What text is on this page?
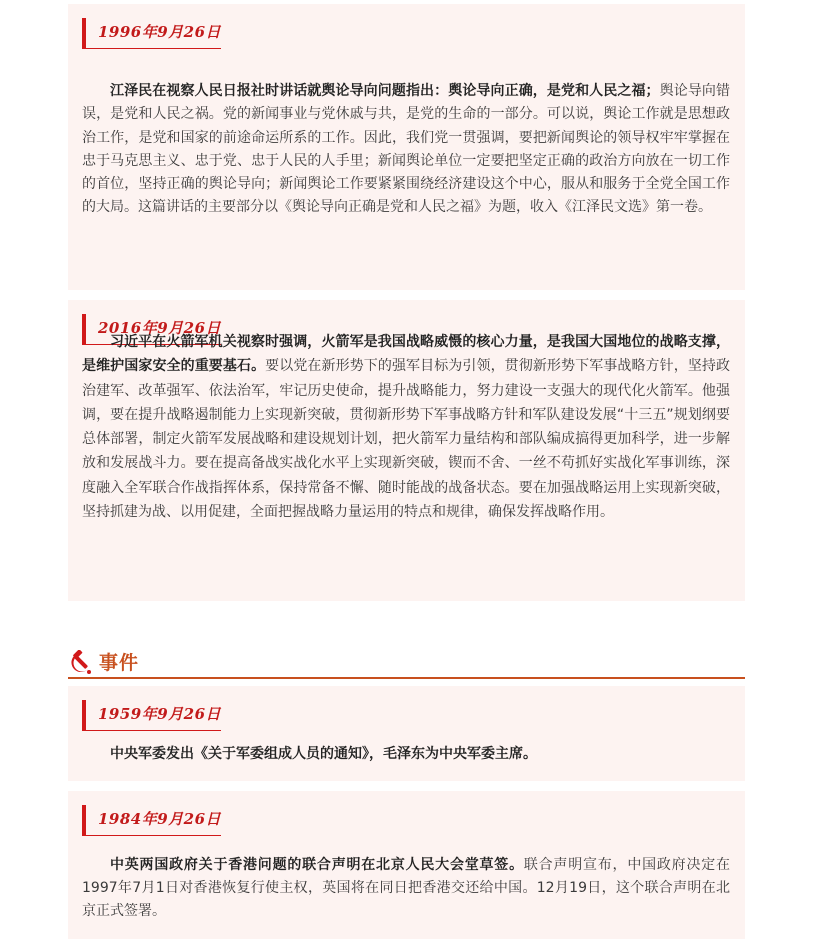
1996年9月26日

江泽民在视察人民日报社时讲话就舆论导向问题指出：舆论导向正确，是党和人民之福；舆论导向错误，是党和人民之祸。党的新闻事业与党休戚与共，是党的生命的一部分。可以说，舆论工作就是思想政治工作，是党和国家的前途命运所系的工作。因此，我们党一贯强调，要把新闻舆论的领导权牢牢掌握在忠于马克思主义、忠于党、忠于人民的人手里；新闻舆论单位一定要把坚定正确的政治方向放在一切工作的首位，坚持正确的舆论导向；新闻舆论工作要紧紧围绕经济建设这个中心，服从和服务于全党全国工作的大局。这篇讲话的主要部分以《舆论导向正确是党和人民之福》为题，收入《江泽民文选》第一卷。

2016年9月26日

习近平在火箭军机关视察时强调，火箭军是我国战略威慑的核心力量，是我国大国地位的战略支撑，是维护国家安全的重要基石。要以党在新形势下的强军目标为引领，贯彻新形势下军事战略方针，坚持政治建军、改革强军、依法治军，牢记历史使命，提升战略能力，努力建设一支强大的现代化火箭军。他强调，要在提升战略遏制能力上实现新突破，贯彻新形势下军事战略方针和军队建设发展“十三五”规划纲要总体部署，制定火箭军发展战略和建设规划计划，把火箭军力量结构和部队编成搞得更加科学，进一步解放和发展战斗力。要在提高备战实战化水平上实现新突破，锲而不舍、一丝不苟抓好实战化军事训练，深度融入全军联合作战指挥体系，保持常备不懈、随时能战的战备状态。要在加强战略运用上实现新突破，坚持抓建为战、以用促建，全面把握战略力量运用的特点和规律，确保发挥战略作用。

事件
1959年9月26日

中央军委发出《关于军委组成人员的通知》，毛泽东为中央军委主席。

1984年9月26日

中英两国政府关于香港问题的联合声明在北京人民大会堂草签。联合声明宣布，中国政府决定在1997年7月1日对香港恢复行使主权，英国将在同日把香港交还给中国。12月19日，这个联合声明在北京正式签署。
